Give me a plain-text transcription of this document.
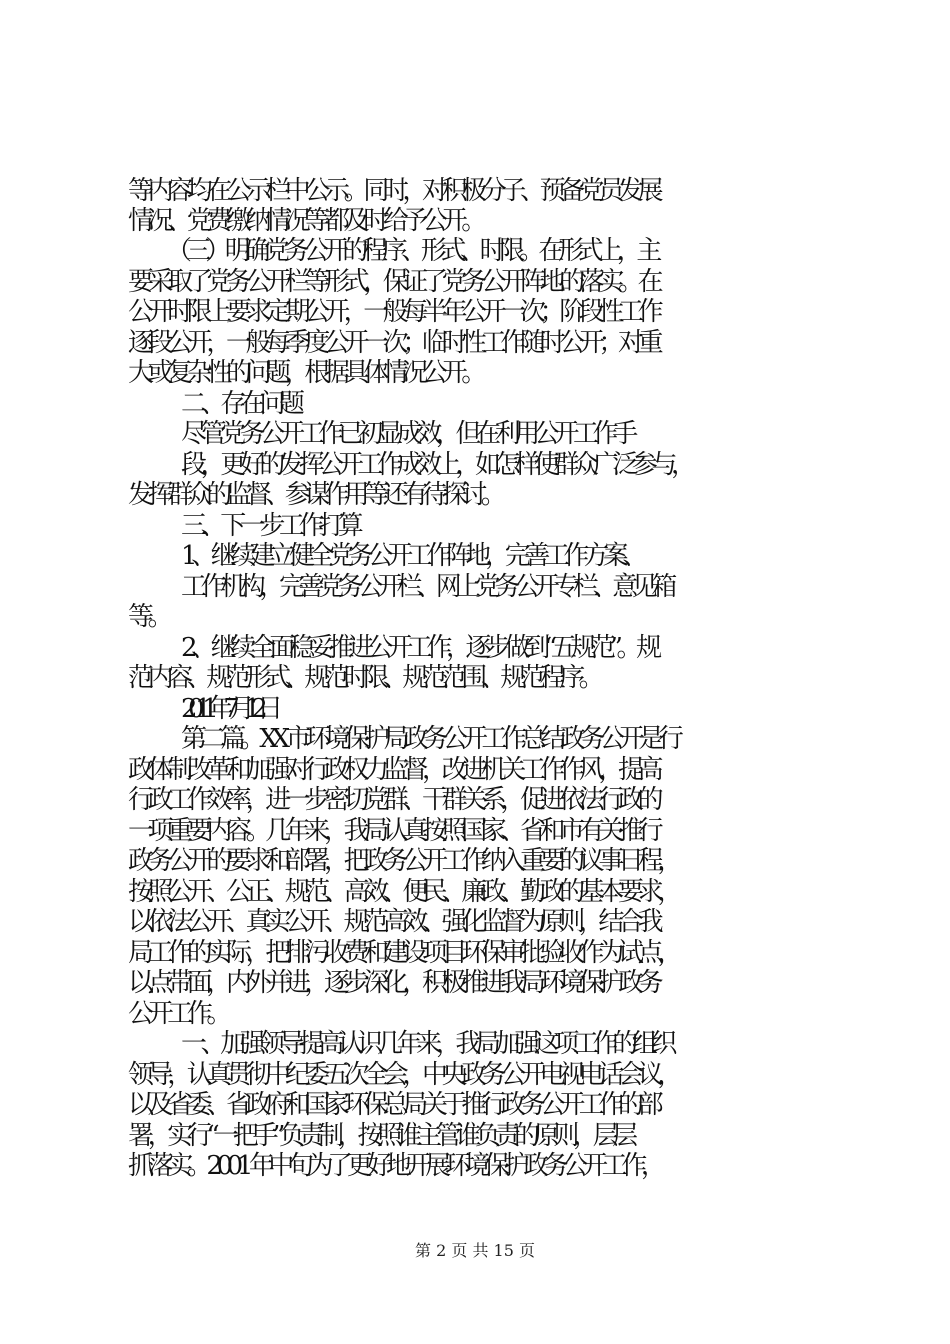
等内容均在公示栏中公示。同时，对积极分子、预备党员发展
情况、党费缴纳情况等都及时给予公开。
（三）明确党务公开的程序、形式、时限。在形式上，主
要采取了党务公开栏等形式，保证了党务公开阵地的落实。在
公开时限上要求定期公开，一般每半年公开一次；阶段性工作
逐段公开，一般每季度公开一次；临时性工作随时公开；对重
大或复杂性的问题，根据具体情况公开。
二、存在问题
尽管党务公开工作已初显成效，但在利用公开工作手
段，更好的发挥公开工作成效上，如怎样使群众广泛参与，
发挥群众的监督、参谋作用等还有待探讨。
三、下一步工作打算
1、继续建立健全党务公开工作阵地，完善工作方案、
工作机构，完善党务公开栏、网上党务公开专栏、意见箱
等。
2、继续全面稳妥推进公开工作，逐步做到“五规范”。规
范内容、规范形式、规范时限、规范范围、规范程序。
2011 年 7 月 12 日
第二篇。XX 市环境保护局政务公开工作总结政务公开是行
政体制改革和加强对行政权力监督，改进机关工作作风，提高
行政工作效率，进一步密切党群、干群关系，促进依法行政的
一项重要内容。几年来，我局认真按照国家、省和市有关推行
政务公开的要求和部署，把政务公开工作纳入重要的议事日程，
按照公开、公正、规范、高效、便民、廉政、勤政的基本要求，
以依法公开、真实公开、规范高效、强化监督为原则，结合我
局工作的实际，把排污收费和建设项目环保审批验收作为试点，
以点带面，内外并进，逐步深化，积极推进我局环境保护政务
公开工作。
一、加强领导提高认识几年来，我局加强这项工作的组织
领导，认真贯彻中纪委五次全会，中央政务公开电视电话会议，
以及省委、省政府和国家环保总局关于推行政务公开工作的部
署，实行“一把手”负责制，按照谁主管谁负责的原则，层层
抓落实。2001 年中旬为了更好地开展环境保护政务公开工作，
第 2 页 共 15 页
